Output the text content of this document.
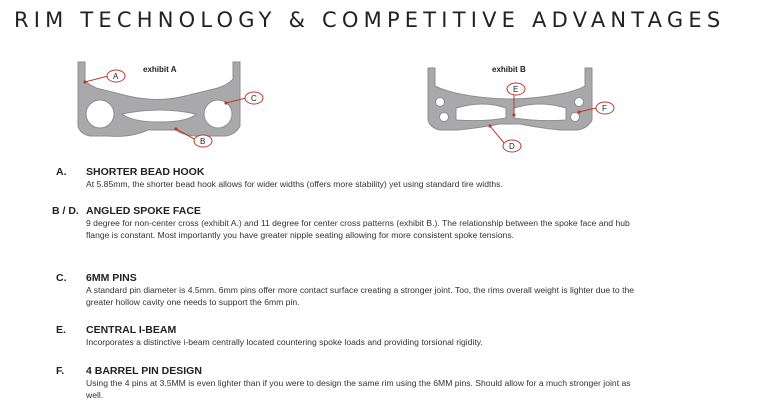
RIM TECHNOLOGY & COMPETITIVE ADVANTAGES
exhibit A
A
B
C
exhibit B
E
F
D
A. SHORTER BEAD HOOK
At 5.85mm, the shorter bead hook allows for wider widths (offers more stability) yet using standard tire widths.
B / D. ANGLED SPOKE FACE
9 degree for non-center cross (exhibit A.) and 11 degree for center cross patterns (exhibit B.). The relationship between the spoke face and hub flange is constant. Most importantly you have greater nipple seating allowing for more consistent spoke tensions.
C. 6MM PINS
A standard pin diameter is 4.5mm. 6mm pins offer more contact surface creating a stronger joint. Too, the rims overall weight is lighter due to the greater hollow cavity one needs to support the 6mm pin.
E. CENTRAL I-BEAM
Incorporates a distinctive i-beam centrally located countering spoke loads and providing torsional rigidity.
F. 4 BARREL PIN DESIGN
Using the 4 pins at 3.5MM is even lighter than if you were to design the same rim using the 6MM pins. Should allow for a much stronger joint as well.
